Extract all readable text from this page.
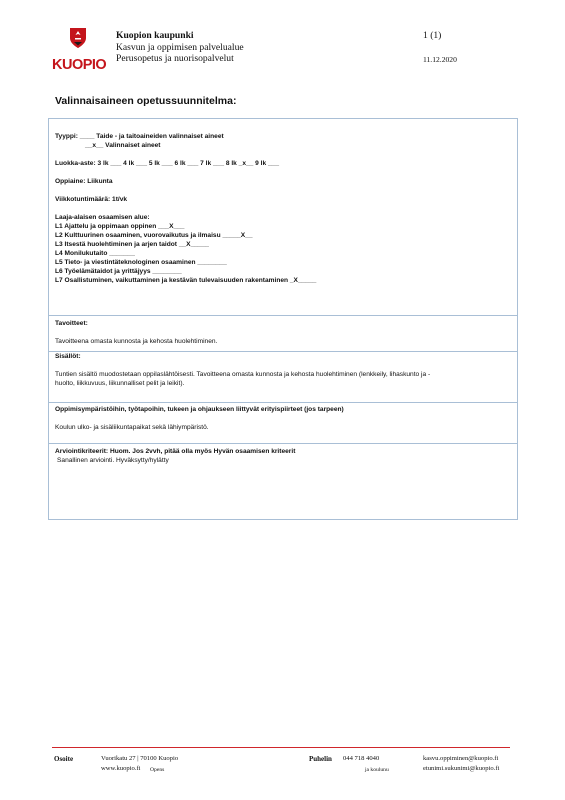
KUOPIO
Kuopion kaupunki
Kasvun ja oppimisen palvelualue
Perusopetus ja nuorisopalvelut
1 (1)
11.12.2020
Valinnaisaineen opetussuunnitelma:

Tyyppi: ____ Taide - ja taitoaineiden valinnaiset aineet

__x__ Valinnaiset aineet

Luokka-aste: 3 lk ___ 4 lk ___ 5 lk ___ 6 lk ___ 7 lk ___ 8 lk _x__ 9 lk ___

Oppiaine: Liikunta

Viikkotuntimäärä: 1t/vk

Laaja-alaisen osaamisen alue:

L1 Ajattelu ja oppimaan oppinen ___X___

L2 Kulttuurinen osaaminen, vuorovaikutus ja ilmaisu _____X__

L3 Itsestä huolehtiminen ja arjen taidot __X_____

L4 Monilukutaito _______

L5 Tieto- ja viestintäteknologinen osaaminen ________

L6 Työelämätaidot ja yrittäjyys ________

L7 Osallistuminen, vaikuttaminen ja kestävän tulevaisuuden rakentaminen _X_____

Tavoitteet:

Tavoitteena omasta kunnosta ja kehosta huolehtiminen.

Sisällöt:

Tuntien sisältö muodostetaan oppilaslähtöisesti. Tavoitteena omasta kunnosta ja kehosta huolehtiminen (lenkkeily, lihaskunto ja -

huolto, liikkuvuus, liikunnalliset pelit ja leikit).

Oppimisympäristöihin, työtapoihin, tukeen ja ohjaukseen liittyvät erityispiirteet (jos tarpeen)

Koulun ulko- ja sisäliikuntapaikat sekä lähiympäristö.

Arviointikriteerit: Huom. Jos 2vvh, pitää olla myös Hyvän osaamisen kriteerit

Sanallinen arviointi. Hyväksytty/hylätty

Osoite	Vuorikatu 27 | 70100 Kuopio
www.kuopio.fi Opens
Puhelin 044 718 4040
ja koulunu
kasvu.oppiminen@kuopio.fi
etunimi.sukunimi@kuopio.fi
